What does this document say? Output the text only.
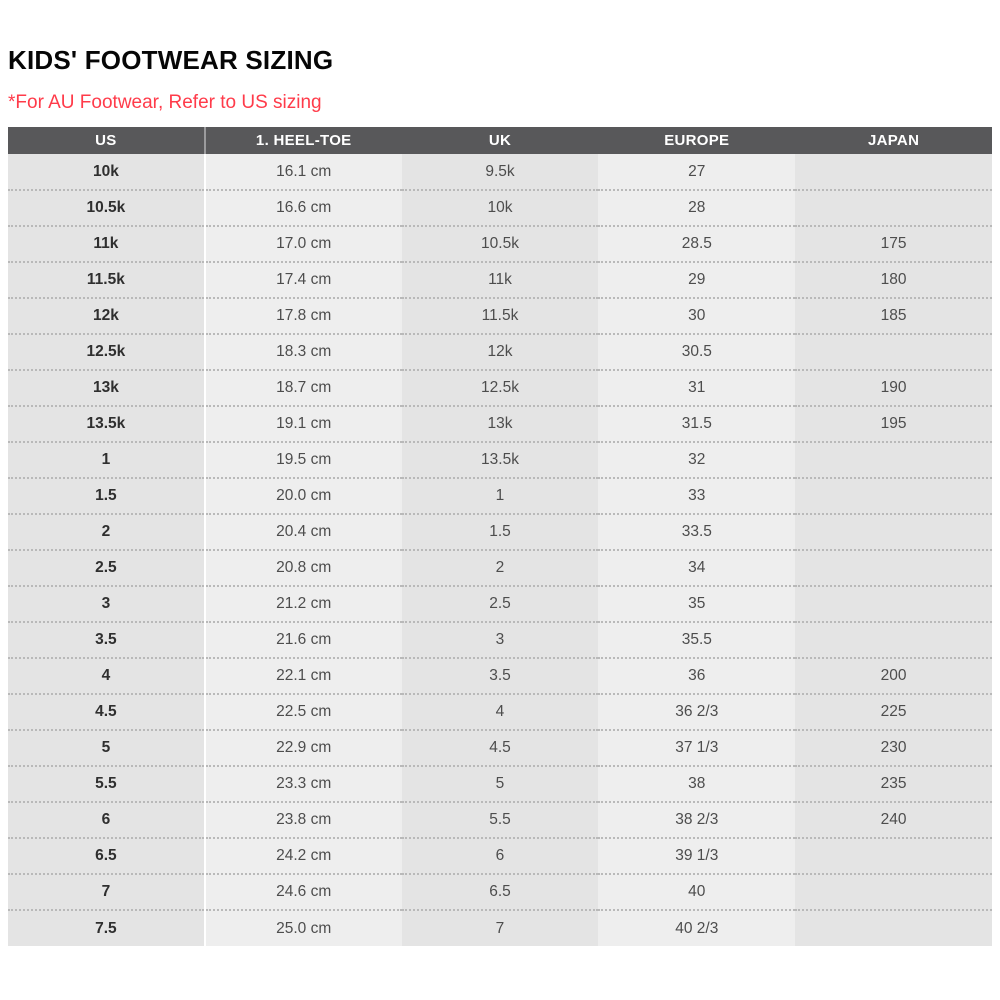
KIDS' FOOTWEAR SIZING

*For AU Footwear, Refer to US sizing

US	1. HEEL-TOE	UK	EUROPE	JAPAN
10k	16.1 cm	9.5k	27	
10.5k	16.6 cm	10k	28	
11k	17.0 cm	10.5k	28.5	175
11.5k	17.4 cm	11k	29	180
12k	17.8 cm	11.5k	30	185
12.5k	18.3 cm	12k	30.5	
13k	18.7 cm	12.5k	31	190
13.5k	19.1 cm	13k	31.5	195
1	19.5 cm	13.5k	32	
1.5	20.0 cm	1	33	
2	20.4 cm	1.5	33.5	
2.5	20.8 cm	2	34	
3	21.2 cm	2.5	35	
3.5	21.6 cm	3	35.5	
4	22.1 cm	3.5	36	200
4.5	22.5 cm	4	36 2/3	225
5	22.9 cm	4.5	37 1/3	230
5.5	23.3 cm	5	38	235
6	23.8 cm	5.5	38 2/3	240
6.5	24.2 cm	6	39 1/3	
7	24.6 cm	6.5	40	
7.5	25.0 cm	7	40 2/3	
